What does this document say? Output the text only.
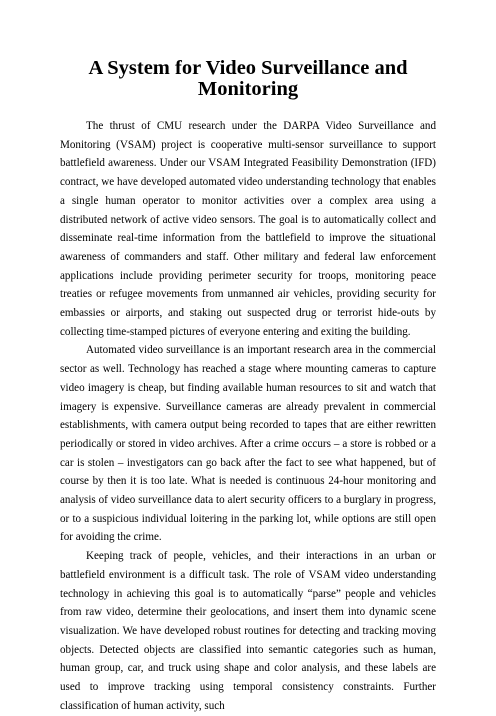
A System for Video Surveillance and
Monitoring

The thrust of CMU research under the DARPA Video Surveillance and Monitoring (VSAM) project is cooperative multi-sensor surveillance to support battlefield awareness. Under our VSAM Integrated Feasibility Demonstration (IFD) contract, we have developed automated video understanding technology that enables a single human operator to monitor activities over a complex area using a distributed network of active video sensors. The goal is to automatically collect and disseminate real-time information from the battlefield to improve the situational awareness of commanders and staff. Other military and federal law enforcement applications include providing perimeter security for troops, monitoring peace treaties or refugee movements from unmanned air vehicles, providing security for embassies or airports, and staking out suspected drug or terrorist hide-outs by collecting time-stamped pictures of everyone entering and exiting the building.

Automated video surveillance is an important research area in the commercial sector as well. Technology has reached a stage where mounting cameras to capture video imagery is cheap, but finding available human resources to sit and watch that imagery is expensive. Surveillance cameras are already prevalent in commercial establishments, with camera output being recorded to tapes that are either rewritten periodically or stored in video archives. After a crime occurs – a store is robbed or a car is stolen – investigators can go back after the fact to see what happened, but of course by then it is too late. What is needed is continuous 24-hour monitoring and analysis of video surveillance data to alert security officers to a burglary in progress, or to a suspicious individual loitering in the parking lot, while options are still open for avoiding the crime.

Keeping track of people, vehicles, and their interactions in an urban or battlefield environment is a difficult task. The role of VSAM video understanding technology in achieving this goal is to automatically “parse” people and vehicles from raw video, determine their geolocations, and insert them into dynamic scene visualization. We have developed robust routines for detecting and tracking moving objects. Detected objects are classified into semantic categories such as human, human group, car, and truck using shape and color analysis, and these labels are used to improve tracking using temporal consistency constraints. Further classification of human activity, such
